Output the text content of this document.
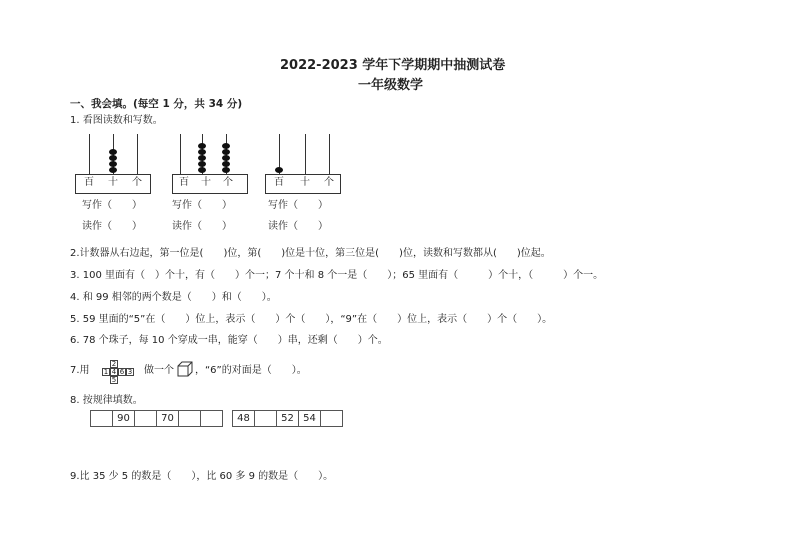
2022-2023 学年下学期期中抽测试卷
一年级数学
一、我会填。(每空 1 分，共 34 分)
1. 看图读数和写数。
百 十 个	百 十 个	百 十 个
写作（　　）	写作（　　）	写作（　　）
读作（　　）	读作（　　）	读作（　　）
2.计数器从右边起，第一位是(　　)位，第(　　)位是十位，第三位是(　　)位，读数和写数都从(　　)位起。
3. 100 里面有（　）个十，有（　　）个一；7 个十和 8 个一是（　　）；65 里面有（　　　）个十，（　　　）个一。
4. 和 99 相邻的两个数是（　　）和（　　）。
5. 59 里面的“5”在（　　）位上，表示（　　）个（　　），“9”在（　　）位上，表示（　　）个（　　）。
6. 78 个珠子，每 10 个穿成一串，能穿（　　）串，还剩（　　）个。
7.用
2
1 4 6 3
5
做一个 ，“6”的对面是（　　）。
8. 按规律填数。
90	70	48	52 54
9.比 35 少 5 的数是（　　），比 60 多 9 的数是（　　）。
